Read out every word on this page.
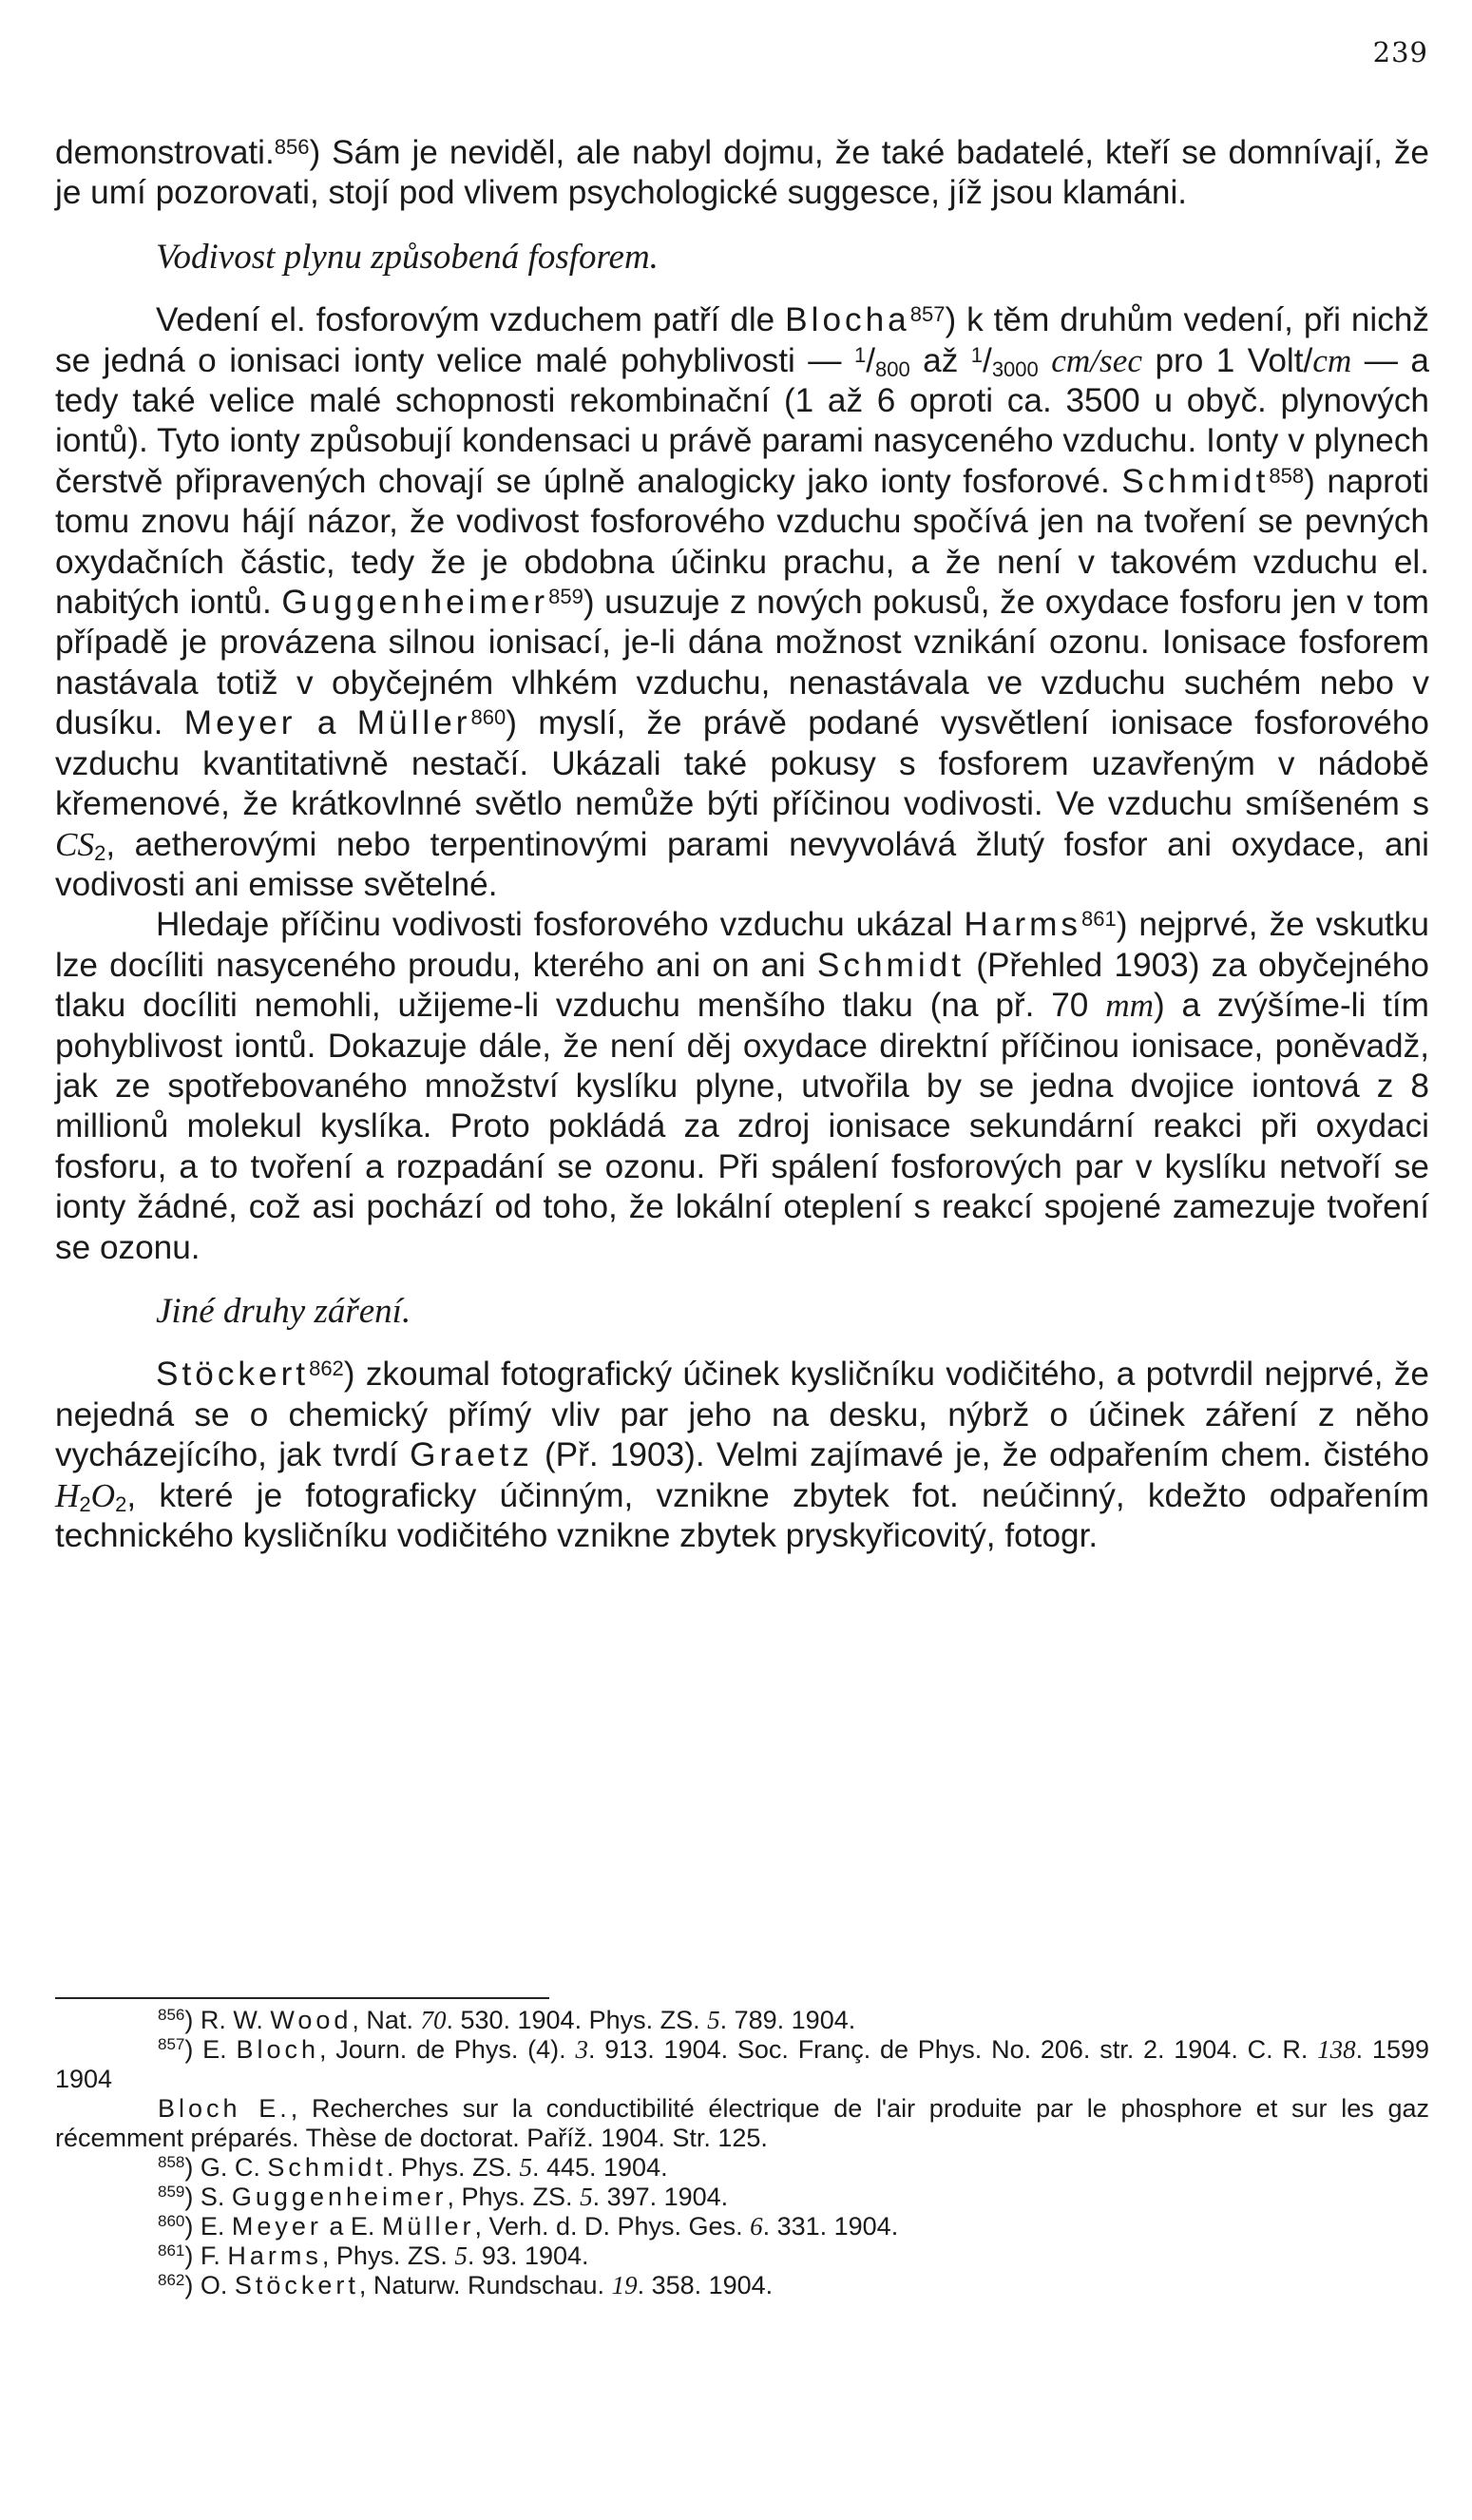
239

demonstrovati.$^{856}$) Sám je neviděl, ale nabyl dojmu, že také badatelé, kteří se domnívají, že je umí pozorovati, stojí pod vlivem psychologické suggesce, jíž jsou klamáni.

Vodivost plynu způsobená fosforem.

Vedení el. fosforovým vzduchem patří dle Blocha$^{857}$) k těm druhům vedení, při nichž se jedná o ionisaci ionty velice malé pohyblivosti — $^1/_{800}$ až $^1/_{3000}$ cm/sec pro 1 Volt/cm — a tedy také velice malé schopnosti rekombinační (1 až 6 oproti ca. 3500 u obyč. plynových iontů). Tyto ionty způsobují kondensaci u právě parami nasyceného vzduchu. Ionty v plynech čerstvě připravených chovají se úplně analogicky jako ionty fosforové. Schmidt$^{858}$) naproti tomu znovu hájí názor, že vodivost fosforového vzduchu spočívá jen na tvoření se pevných oxydačních částic, tedy že je obdobna účinku prachu, a že není v takovém vzduchu el. nabitých iontů. Guggenheimer$^{859}$) usuzuje z nových pokusů, že oxydace fosforu jen v tom případě je provázena silnou ionisací, je-li dána možnost vznikání ozonu. Ionisace fosforem nastávala totiž v obyčejném vlhkém vzduchu, nenastávala ve vzduchu suchém nebo v dusíku. Meyer a Müller$^{860}$) myslí, že právě podané vysvětlení ionisace fosforového vzduchu kvantitativně nestačí. Ukázali také pokusy s fosforem uzavřeným v nádobě křemenové, že krátkovlnné světlo nemůže býti příčinou vodivosti. Ve vzduchu smíšeném s $CS_2$, aetherovými nebo terpentinovými parami nevyvolává žlutý fosfor ani oxydace, ani vodivosti ani emisse světelné.

Hledaje příčinu vodivosti fosforového vzduchu ukázal Harms$^{861}$) nejprvé, že vskutku lze docíliti nasyceného proudu, kterého ani on ani Schmidt (Přehled 1903) za obyčejného tlaku docíliti nemohli, užijeme-li vzduchu menšího tlaku (na př. 70 mm) a zvýšíme-li tím pohyblivost iontů. Dokazuje dále, že není děj oxydace direktní příčinou ionisace, poněvadž, jak ze spotřebovaného množství kyslíku plyne, utvořila by se jedna dvojice iontová z 8 millionů molekul kyslíka. Proto pokládá za zdroj ionisace sekundární reakci při oxydaci fosforu, a to tvoření a rozpadání se ozonu. Při spálení fosforových par v kyslíku netvoří se ionty žádné, což asi pochází od toho, že lokální oteplení s reakcí spojené zamezuje tvoření se ozonu.

Jiné druhy záření.

Stöckert$^{862}$) zkoumal fotografický účinek kysličníku vodičitého, a potvrdil nejprvé, že nejedná se o chemický přímý vliv par jeho na desku, nýbrž o účinek záření z něho vycházejícího, jak tvrdí Graetz (Př. 1903). Velmi zajímavé je, že odpařením chem. čistého $H_2O_2$, které je fotograficky účinným, vznikne zbytek fot. neúčinný, kdežto odpařením technického kysličníku vodičitého vznikne zbytek pryskyřicovitý, fotogr.

$^{856}$) R. W. Wood, Nat. 70. 530. 1904. Phys. ZS. 5. 789. 1904.

$^{857}$) E. Bloch, Journ. de Phys. (4). 3. 913. 1904. Soc. Franç. de Phys. No. 206. str. 2. 1904. C. R. 138. 1599 1904

Bloch E., Recherches sur la conductibilité électrique de l'air produite par le phosphore et sur les gaz récemment préparés. Thèse de doctorat. Paříž. 1904. Str. 125.

$^{858}$) G. C. Schmidt. Phys. ZS. 5. 445. 1904.

$^{859}$) S. Guggenheimer, Phys. ZS. 5. 397. 1904.

$^{860}$) E. Meyer a E. Müller, Verh. d. D. Phys. Ges. 6. 331. 1904.

$^{861}$) F. Harms, Phys. ZS. 5. 93. 1904.

$^{862}$) O. Stöckert, Naturw. Rundschau. 19. 358. 1904.
